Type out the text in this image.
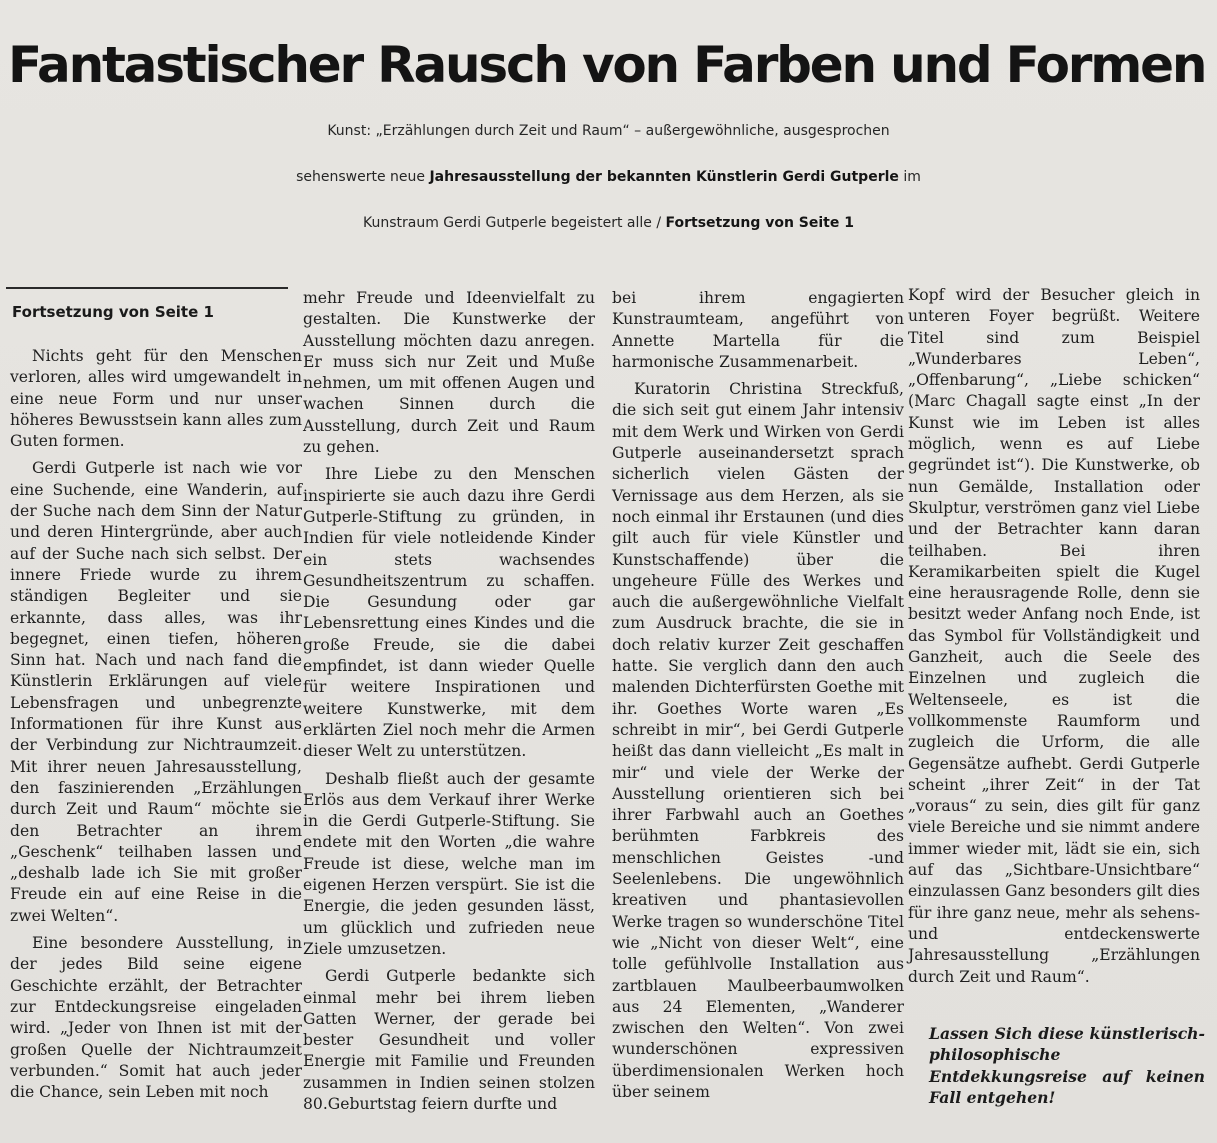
Fantastischer Rausch von Farben und Formen
Kunst: „Erzählungen durch Zeit und Raum“ – außergewöhnliche, ausgesprochen
sehenswerte neue Jahresausstellung der bekannten Künstlerin Gerdi Gutperle im
Kunstraum Gerdi Gutperle begeistert alle / Fortsetzung von Seite 1
Fortsetzung von Seite 1

Nichts geht für den Menschen verloren, alles wird umgewandelt in eine neue Form und nur unser höheres Bewusstsein kann alles zum Guten formen.

Gerdi Gutperle ist nach wie vor eine Suchende, eine Wanderin, auf der Suche nach dem Sinn der Natur und deren Hintergründe, aber auch auf der Suche nach sich selbst. Der innere Friede wurde zu ihrem ständigen Begleiter und sie erkannte, dass alles, was ihr begegnet, einen tiefen, höheren Sinn hat. Nach und nach fand die Künstlerin Erklärungen auf viele Lebensfragen und unbegrenzte Informationen für ihre Kunst aus der Verbindung zur Nichtraumzeit. Mit ihrer neuen Jahresausstellung, den faszinierenden „Erzählungen durch Zeit und Raum“ möchte sie den Betrachter an ihrem „Geschenk“ teilhaben lassen und „deshalb lade ich Sie mit großer Freude ein auf eine Reise in die zwei Welten“.

Eine besondere Ausstellung, in der jedes Bild seine eigene Geschichte erzählt, der Betrachter zur Entdeckungsreise eingeladen wird. „Jeder von Ihnen ist mit der großen Quelle der Nichtraumzeit verbunden.“ Somit hat auch jeder die Chance, sein Leben mit noch

mehr Freude und Ideenvielfalt zu gestalten. Die Kunstwerke der Ausstellung möchten dazu anregen. Er muss sich nur Zeit und Muße nehmen, um mit offenen Augen und wachen Sinnen durch die Ausstellung, durch Zeit und Raum zu gehen.

Ihre Liebe zu den Menschen inspirierte sie auch dazu ihre Gerdi Gutperle-Stiftung zu gründen, in Indien für viele notleidende Kinder ein stets wachsendes Gesundheitszentrum zu schaffen. Die Gesundung oder gar Lebensrettung eines Kindes und die große Freude, sie die dabei empfindet, ist dann wieder Quelle für weitere Inspirationen und weitere Kunstwerke, mit dem erklärten Ziel noch mehr die Armen dieser Welt zu unterstützen.

Deshalb fließt auch der gesamte Erlös aus dem Verkauf ihrer Werke in die Gerdi Gutperle-Stiftung. Sie endete mit den Worten „die wahre Freude ist diese, welche man im eigenen Herzen verspürt. Sie ist die Energie, die jeden gesunden lässt, um glücklich und zufrieden neue Ziele umzusetzen.

Gerdi Gutperle bedankte sich einmal mehr bei ihrem lieben Gatten Werner, der gerade bei bester Gesundheit und voller Energie mit Familie und Freunden zusammen in Indien seinen stolzen 80.Geburtstag feiern durfte und

bei ihrem engagierten Kunstraumteam, angeführt von Annette Martella für die harmonische Zusammenarbeit.

Kuratorin Christina Streckfuß, die sich seit gut einem Jahr intensiv mit dem Werk und Wirken von Gerdi Gutperle auseinandersetzt sprach sicherlich vielen Gästen der Vernissage aus dem Herzen, als sie noch einmal ihr Erstaunen (und dies gilt auch für viele Künstler und Kunstschaffende) über die ungeheure Fülle des Werkes und auch die außergewöhnliche Vielfalt zum Ausdruck brachte, die sie in doch relativ kurzer Zeit geschaffen hatte. Sie verglich dann den auch malenden Dichterfürsten Goethe mit ihr. Goethes Worte waren „Es schreibt in mir“, bei Gerdi Gutperle heißt das dann vielleicht „Es malt in mir“ und viele der Werke der Ausstellung orientieren sich bei ihrer Farbwahl auch an Goethes berühmten Farbkreis des menschlichen Geistes -und Seelenlebens. Die ungewöhnlich kreativen und phantasievollen Werke tragen so wunderschöne Titel wie „Nicht von dieser Welt“, eine tolle gefühlvolle Installation aus zartblauen Maulbeerbaumwolken aus 24 Elementen, „Wanderer zwischen den Welten“. Von zwei wunderschönen expressiven überdimensionalen Werken hoch über seinem

Kopf wird der Besucher gleich in unteren Foyer begrüßt. Weitere Titel sind zum Beispiel „Wunderbares Leben“, „Offenbarung“, „Liebe schicken“ (Marc Chagall sagte einst „In der Kunst wie im Leben ist alles möglich, wenn es auf Liebe gegründet ist“). Die Kunstwerke, ob nun Gemälde, Installation oder Skulptur, verströmen ganz viel Liebe und der Betrachter kann daran teilhaben. Bei ihren Keramikarbeiten spielt die Kugel eine herausragende Rolle, denn sie besitzt weder Anfang noch Ende, ist das Symbol für Vollständigkeit und Ganzheit, auch die Seele des Einzelnen und zugleich die Weltenseele, es ist die vollkommenste Raumform und zugleich die Urform, die alle Gegensätze aufhebt. Gerdi Gutperle scheint „ihrer Zeit“ in der Tat „voraus“ zu sein, dies gilt für ganz viele Bereiche und sie nimmt andere immer wieder mit, lädt sie ein, sich auf das „Sichtbare-Unsichtbare“ einzulassen Ganz besonders gilt dies für ihre ganz neue, mehr als sehens- und entdeckenswerte Jahresausstellung „Erzählungen durch Zeit und Raum“.

Lassen Sich diese künstlerisch-philosophische Entdekkungsreise auf keinen Fall entgehen!
